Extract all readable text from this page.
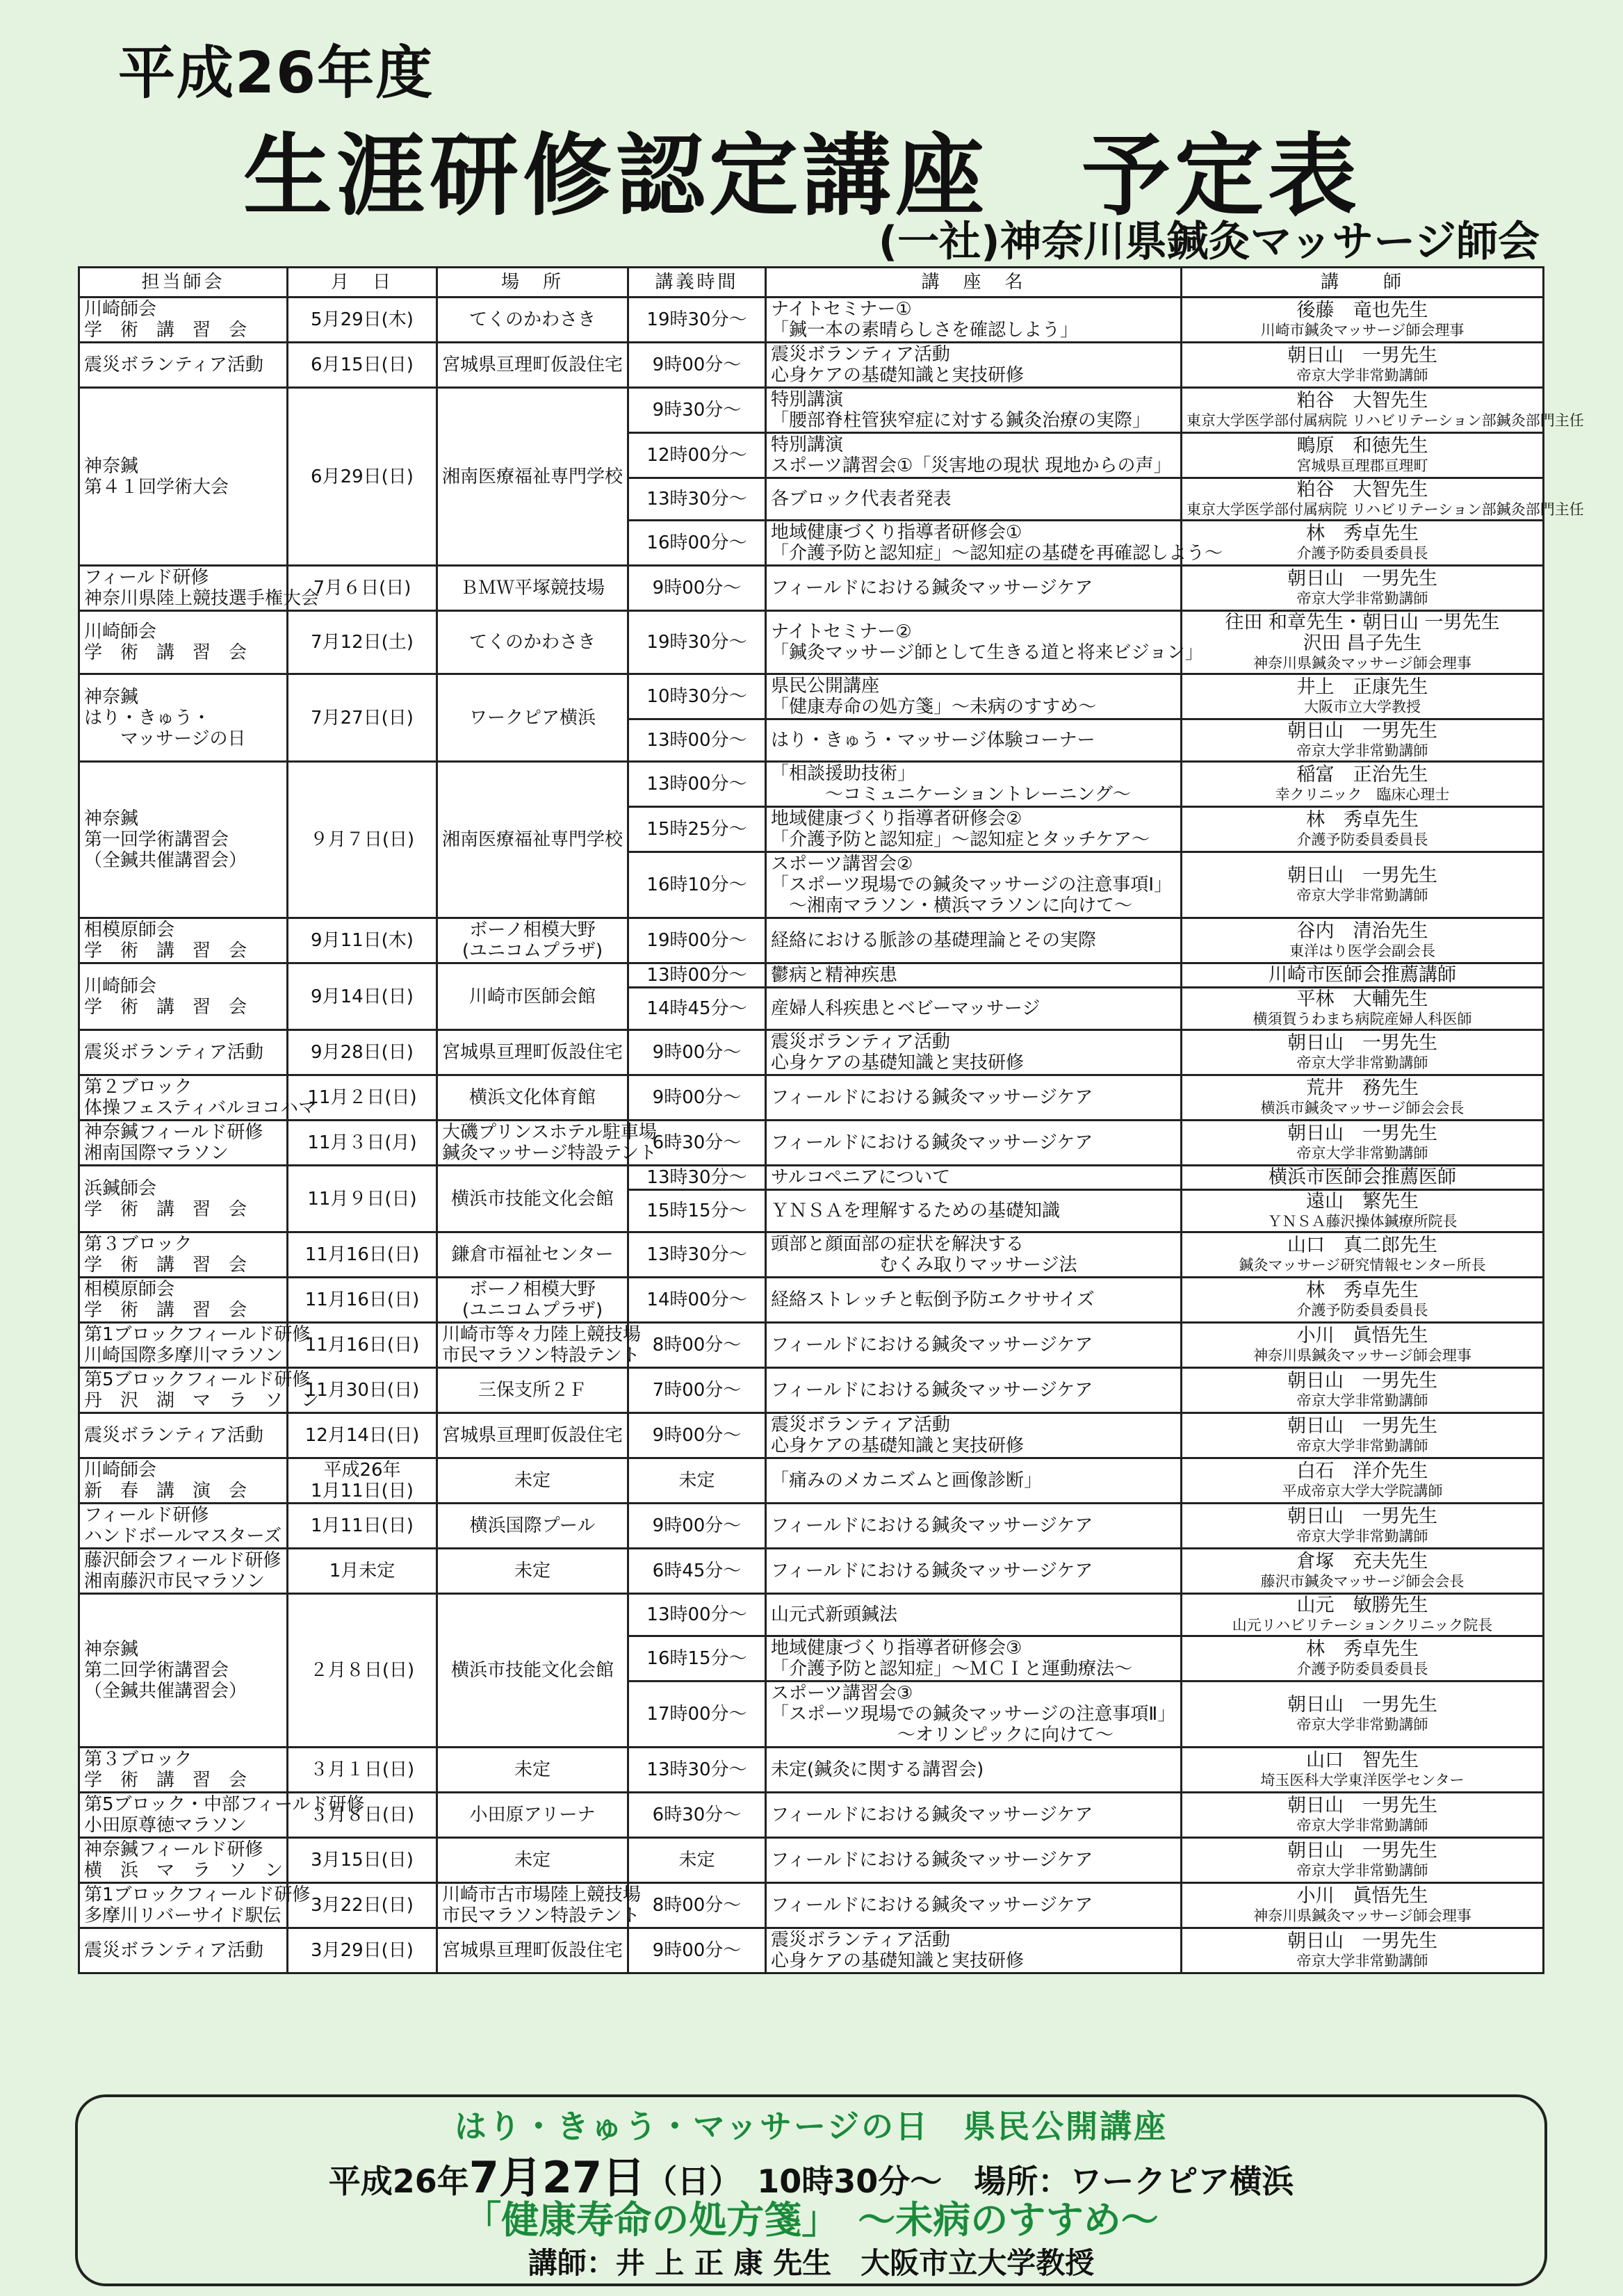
平成26年度
生涯研修認定講座　予定表
(一社)神奈川県鍼灸マッサージ師会
担当師会	月　日	場　所	講義時間	講　座　名	講　　師
川崎師会
学　術　講　習　会	5月29日(木)	てくのかわさき	19時30分～	ナイトセミナー①
「鍼一本の素晴らしさを確認しよう」	後藤　竜也先生
川崎市鍼灸マッサージ師会理事

震災ボランティア活動	6月15日(日)	宮城県亘理町仮設住宅	9時00分～	震災ボランティア活動
心身ケアの基礎知識と実技研修	朝日山　一男先生
帝京大学非常勤講師

神奈鍼
第４１回学術大会	6月29日(日)	湘南医療福祉専門学校	9時30分～	特別講演
「腰部脊柱管狭窄症に対する鍼灸治療の実際」	粕谷　大智先生
東京大学医学部付属病院 リハビリテーション部鍼灸部門主任

			12時00分～	特別講演
スポーツ講習会①「災害地の現状 現地からの声」	鴫原　和徳先生
宮城県亘理郡亘理町

			13時30分～	各ブロック代表者発表	粕谷　大智先生
東京大学医学部付属病院 リハビリテーション部鍼灸部門主任

			16時00分～	地域健康づくり指導者研修会①
「介護予防と認知症」～認知症の基礎を再確認しよう～	林　秀卓先生
介護予防委員委員長

フィールド研修
神奈川県陸上競技選手権大会	7月６日(日)	ＢＭＷ平塚競技場	9時00分～	フィールドにおける鍼灸マッサージケア	朝日山　一男先生
帝京大学非常勤講師

川崎師会
学　術　講　習　会	7月12日(土)	てくのかわさき	19時30分～	ナイトセミナー②
「鍼灸マッサージ師として生きる道と将来ビジョン」	往田 和章先生・朝日山 一男先生
沢田 昌子先生
神奈川県鍼灸マッサージ師会理事

神奈鍼
はり・きゅう・
　　マッサージの日	7月27日(日)	ワークピア横浜	10時30分～	県民公開講座
「健康寿命の処方箋」～未病のすすめ～	井上　正康先生
大阪市立大学教授

			13時00分～	はり・きゅう・マッサージ体験コーナー	朝日山　一男先生
帝京大学非常勤講師

神奈鍼
第一回学術講習会
（全鍼共催講習会）	９月７日(日)	湘南医療福祉専門学校	13時00分～	「相談援助技術」
　　　～コミュニケーショントレーニング～	稲富　正治先生
幸クリニック　臨床心理士

			15時25分～	地域健康づくり指導者研修会②
「介護予防と認知症」～認知症とタッチケア～	林　秀卓先生
介護予防委員委員長

			16時10分～	スポーツ講習会②
「スポーツ現場での鍼灸マッサージの注意事項Ⅰ」
　～湘南マラソン・横浜マラソンに向けて～	朝日山　一男先生
帝京大学非常勤講師

相模原師会
学　術　講　習　会	9月11日(木)	ボーノ相模大野
(ユニコムプラザ)	19時00分～	経絡における脈診の基礎理論とその実際	谷内　清治先生
東洋はり医学会副会長

川崎師会
学　術　講　習　会	9月14日(日)	川崎市医師会館	13時00分～	鬱病と精神疾患	川崎市医師会推薦講師

			14時45分～	産婦人科疾患とベビーマッサージ	平林　大輔先生
横須賀うわまち病院産婦人科医師

震災ボランティア活動	9月28日(日)	宮城県亘理町仮設住宅	9時00分～	震災ボランティア活動
心身ケアの基礎知識と実技研修	朝日山　一男先生
帝京大学非常勤講師

第２ブロック
体操フェスティバルヨコハマ	11月２日(日)	横浜文化体育館	9時00分～	フィールドにおける鍼灸マッサージケア	荒井　務先生
横浜市鍼灸マッサージ師会会長

神奈鍼フィールド研修
湘南国際マラソン	11月３日(月)	大磯プリンスホテル駐車場
鍼灸マッサージ特設テント	6時30分～	フィールドにおける鍼灸マッサージケア	朝日山　一男先生
帝京大学非常勤講師

浜鍼師会
学　術　講　習　会	11月９日(日)	横浜市技能文化会館	13時30分～	サルコペニアについて	横浜市医師会推薦医師

			15時15分～	ＹＮＳＡを理解するための基礎知識	遠山　繁先生
ＹＮＳＡ藤沢操体鍼療所院長

第３ブロック
学　術　講　習　会	11月16日(日)	鎌倉市福祉センター	13時30分～	頭部と顔面部の症状を解決する
　　　　　　むくみ取りマッサージ法	山口　真二郎先生
鍼灸マッサージ研究情報センター所長

相模原師会
学　術　講　習　会	11月16日(日)	ボーノ相模大野
(ユニコムプラザ)	14時00分～	経絡ストレッチと転倒予防エクササイズ	林　秀卓先生
介護予防委員委員長

第1ブロックフィールド研修
川崎国際多摩川マラソン	11月16日(日)	川崎市等々力陸上競技場
市民マラソン特設テント	8時00分～	フィールドにおける鍼灸マッサージケア	小川　眞悟先生
神奈川県鍼灸マッサージ師会理事

第5ブロックフィールド研修
丹　沢　湖　マ　ラ　ソ　ン	11月30日(日)	三保支所２Ｆ	7時00分～	フィールドにおける鍼灸マッサージケア	朝日山　一男先生
帝京大学非常勤講師

震災ボランティア活動	12月14日(日)	宮城県亘理町仮設住宅	9時00分～	震災ボランティア活動
心身ケアの基礎知識と実技研修	朝日山　一男先生
帝京大学非常勤講師

川崎師会
新　春　講　演　会	平成26年
1月11日(日)	未定	未定	「痛みのメカニズムと画像診断」	白石　洋介先生
平成帝京大学大学院講師

フィールド研修
ハンドボールマスターズ	1月11日(日)	横浜国際プール	9時00分～	フィールドにおける鍼灸マッサージケア	朝日山　一男先生
帝京大学非常勤講師

藤沢師会フィールド研修
湘南藤沢市民マラソン	1月未定	未定	6時45分～	フィールドにおける鍼灸マッサージケア	倉塚　充夫先生
藤沢市鍼灸マッサージ師会会長

神奈鍼
第二回学術講習会
（全鍼共催講習会）	２月８日(日)	横浜市技能文化会館	13時00分～	山元式新頭鍼法	山元　敏勝先生
山元リハビリテーションクリニック院長

			16時15分～	地域健康づくり指導者研修会③
「介護予防と認知症」～ＭＣＩと運動療法～	林　秀卓先生
介護予防委員委員長

			17時00分～	スポーツ講習会③
「スポーツ現場での鍼灸マッサージの注意事項Ⅱ」
　　　　　　　～オリンピックに向けて～	朝日山　一男先生
帝京大学非常勤講師

第３ブロック
学　術　講　習　会	３月１日(日)	未定	13時30分～	未定(鍼灸に関する講習会)	山口　智先生
埼玉医科大学東洋医学センター

第5ブロック・中部フィールド研修
小田原尊徳マラソン	３月８日(日)	小田原アリーナ	6時30分～	フィールドにおける鍼灸マッサージケア	朝日山　一男先生
帝京大学非常勤講師

神奈鍼フィールド研修
横　浜　マ　ラ　ソ　ン	3月15日(日)	未定	未定	フィールドにおける鍼灸マッサージケア	朝日山　一男先生
帝京大学非常勤講師

第1ブロックフィールド研修
多摩川リバーサイド駅伝	3月22日(日)	川崎市古市場陸上競技場
市民マラソン特設テント	8時00分～	フィールドにおける鍼灸マッサージケア	小川　眞悟先生
神奈川県鍼灸マッサージ師会理事

震災ボランティア活動	3月29日(日)	宮城県亘理町仮設住宅	9時00分～	震災ボランティア活動
心身ケアの基礎知識と実技研修	朝日山　一男先生
帝京大学非常勤講師
はり・きゅう・マッサージの日　県民公開講座
平成26年7月27日（日）　10時30分～　場所：ワークピア横浜
「健康寿命の処方箋」　～未病のすすめ～
講師：井 上 正 康 先生　大阪市立大学教授
